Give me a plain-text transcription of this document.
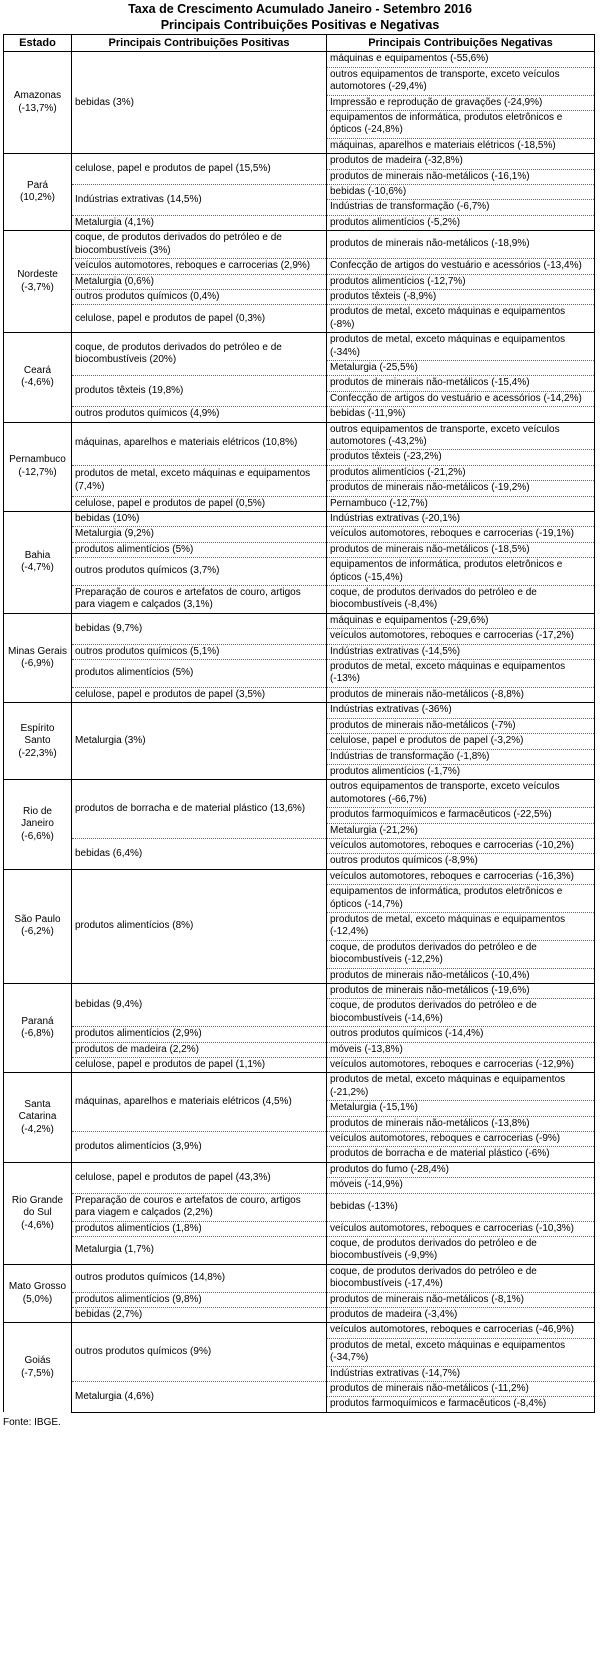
Taxa de Crescimento Acumulado Janeiro - Setembro 2016
Principais Contribuições Positivas e Negativas
Estado	Principais Contribuições Positivas	Principais Contribuições Negativas

Amazonas
(-13,7%)	bebidas (3%)	máquinas e equipamentos (-55,6%)
		outros equipamentos de transporte, exceto veículos automotores (-29,4%)
		Impressão e reprodução de gravações (-24,9%)
		equipamentos de informática, produtos eletrônicos e ópticos (-24,8%)
		máquinas, aparelhos e materiais elétricos (-18,5%)

Pará
(10,2%)	celulose, papel e produtos de papel (15,5%)	produtos de madeira (-32,8%)
		produtos de minerais não-metálicos (-16,1%)
	Indústrias extrativas (14,5%)	bebidas (-10,6%)
		Indústrias de transformação (-6,7%)
	Metalurgia (4,1%)	produtos alimentícios (-5,2%)

Nordeste
(-3,7%)	coque, de produtos derivados do petróleo e de biocombustíveis (3%)	produtos de minerais não-metálicos (-18,9%)
	veículos automotores, reboques e carrocerias (2,9%)	Confecção de artigos do vestuário e acessórios (-13,4%)
	Metalurgia (0,6%)	produtos alimentícios (-12,7%)
	outros produtos químicos (0,4%)	produtos têxteis (-8,9%)
	celulose, papel e produtos de papel (0,3%)	produtos de metal, exceto máquinas e equipamentos (-8%)

Ceará
(-4,6%)	coque, de produtos derivados do petróleo e de biocombustíveis (20%)	produtos de metal, exceto máquinas e equipamentos (-34%)
		Metalurgia (-25,5%)
	produtos têxteis (19,8%)	produtos de minerais não-metálicos (-15,4%)
		Confecção de artigos do vestuário e acessórios (-14,2%)
	outros produtos químicos (4,9%)	bebidas (-11,9%)

Pernambuco
(-12,7%)	máquinas, aparelhos e materiais elétricos (10,8%)	outros equipamentos de transporte, exceto veículos automotores (-43,2%)
		produtos têxteis (-23,2%)
	produtos de metal, exceto máquinas e equipamentos (7,4%)	produtos alimentícios (-21,2%)
		produtos de minerais não-metálicos (-19,2%)
	celulose, papel e produtos de papel (0,5%)	Pernambuco (-12,7%)

Bahia
(-4,7%)	bebidas (10%)	Indústrias extrativas (-20,1%)
	Metalurgia (9,2%)	veículos automotores, reboques e carrocerias (-19,1%)
	produtos alimentícios (5%)	produtos de minerais não-metálicos (-18,5%)
	outros produtos químicos (3,7%)	equipamentos de informática, produtos eletrônicos e ópticos (-15,4%)
	Preparação de couros e artefatos de couro, artigos para viagem e calçados (3,1%)	coque, de produtos derivados do petróleo e de biocombustíveis (-8,4%)

Minas Gerais
(-6,9%)	bebidas (9,7%)	máquinas e equipamentos (-29,6%)
		veículos automotores, reboques e carrocerias (-17,2%)
	outros produtos químicos (5,1%)	Indústrias extrativas (-14,5%)
	produtos alimentícios (5%)	produtos de metal, exceto máquinas e equipamentos (-13%)
	celulose, papel e produtos de papel (3,5%)	produtos de minerais não-metálicos (-8,8%)

Espírito Santo
(-22,3%)	Metalurgia (3%)	Indústrias extrativas (-36%)
		produtos de minerais não-metálicos (-7%)
		celulose, papel e produtos de papel (-3,2%)
		Indústrias de transformação (-1,8%)
		produtos alimentícios (-1,7%)

Rio de Janeiro
(-6,6%)	produtos de borracha e de material plástico (13,6%)	outros equipamentos de transporte, exceto veículos automotores (-66,7%)
		produtos farmoquímicos e farmacêuticos (-22,5%)
		Metalurgia (-21,2%)
	bebidas (6,4%)	veículos automotores, reboques e carrocerias (-10,2%)
		outros produtos químicos (-8,9%)

São Paulo
(-6,2%)	produtos alimentícios (8%)	veículos automotores, reboques e carrocerias (-16,3%)
		equipamentos de informática, produtos eletrônicos e ópticos (-14,7%)
		produtos de metal, exceto máquinas e equipamentos (-12,4%)
		coque, de produtos derivados do petróleo e de biocombustíveis (-12,2%)
		produtos de minerais não-metálicos (-10,4%)

Paraná
(-6,8%)	bebidas (9,4%)	produtos de minerais não-metálicos (-19,6%)
		coque, de produtos derivados do petróleo e de biocombustíveis (-14,6%)
	produtos alimentícios (2,9%)	outros produtos químicos (-14,4%)
	produtos de madeira (2,2%)	móveis (-13,8%)
	celulose, papel e produtos de papel (1,1%)	veículos automotores, reboques e carrocerias (-12,9%)

Santa Catarina
(-4,2%)	máquinas, aparelhos e materiais elétricos (4,5%)	produtos de metal, exceto máquinas e equipamentos (-21,2%)
		Metalurgia (-15,1%)
		produtos de minerais não-metálicos (-13,8%)
	produtos alimentícios (3,9%)	veículos automotores, reboques e carrocerias (-9%)
		produtos de borracha e de material plástico (-6%)

Rio Grande do Sul
(-4,6%)	celulose, papel e produtos de papel (43,3%)	produtos do fumo (-28,4%)
		móveis (-14,9%)
	Preparação de couros e artefatos de couro, artigos para viagem e calçados (2,2%)	bebidas (-13%)
	produtos alimentícios (1,8%)	veículos automotores, reboques e carrocerias (-10,3%)
	Metalurgia (1,7%)	coque, de produtos derivados do petróleo e de biocombustíveis (-9,9%)

Mato Grosso
(5,0%)	outros produtos químicos (14,8%)	coque, de produtos derivados do petróleo e de biocombustíveis (-17,4%)
	produtos alimentícios (9,8%)	produtos de minerais não-metálicos (-8,1%)
	bebidas (2,7%)	produtos de madeira (-3,4%)

Goiás
(-7,5%)	outros produtos químicos (9%)	veículos automotores, reboques e carrocerias (-46,9%)
		produtos de metal, exceto máquinas e equipamentos (-34,7%)
		Indústrias extrativas (-14,7%)
	Metalurgia (4,6%)	produtos de minerais não-metálicos (-11,2%)
		produtos farmoquímicos e farmacêuticos (-8,4%)
Fonte: IBGE.
